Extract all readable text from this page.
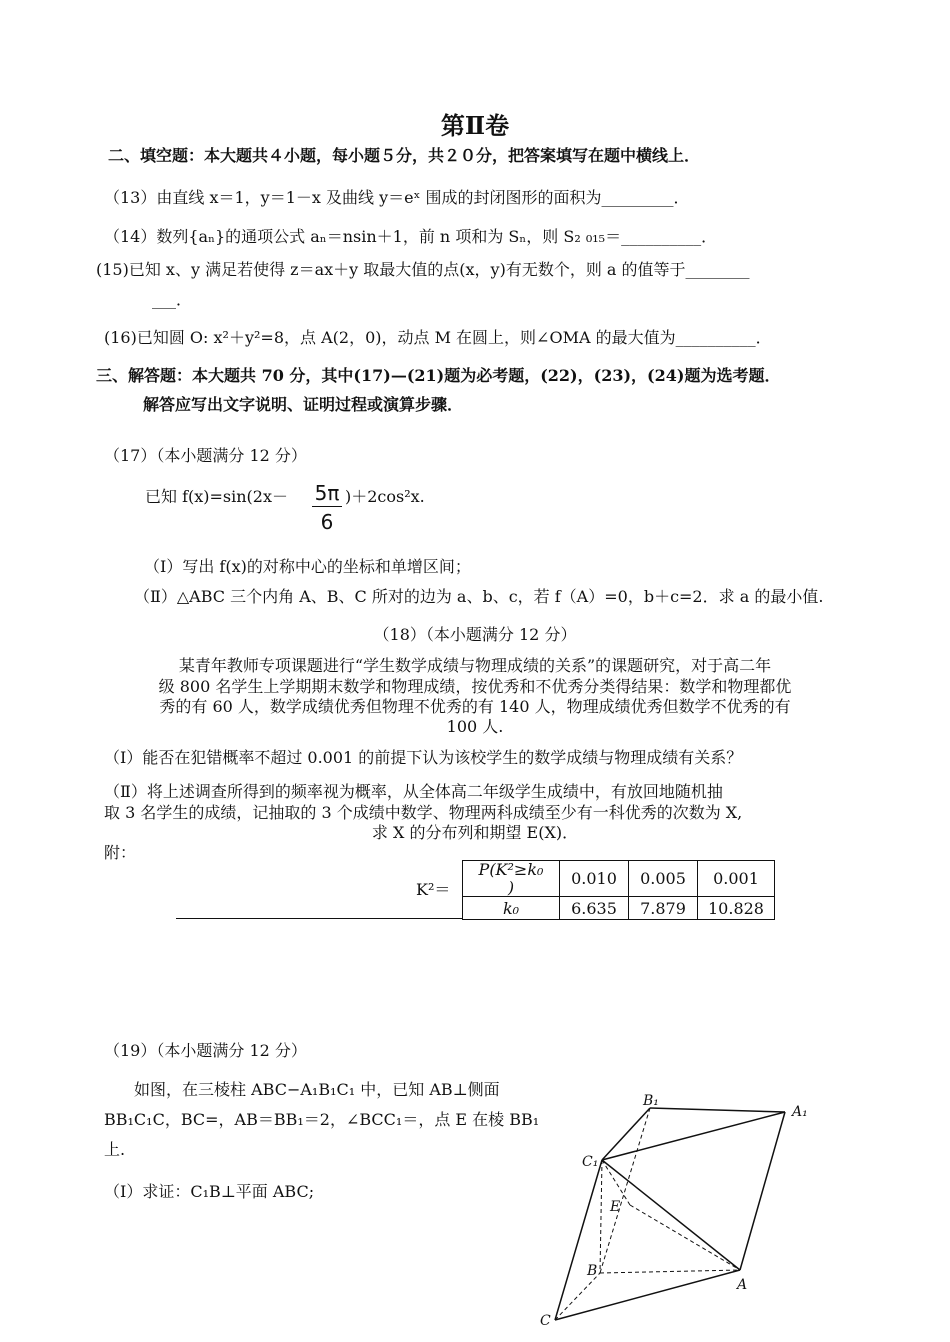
第Ⅱ卷
二、填空题：本大题共４小题，每小题５分，共２０分，把答案填写在题中横线上．
（13）由直线 x＝1，y＝1－x 及曲线 y＝eˣ 围成的封闭图形的面积为_________．
（14）数列{aₙ}的通项公式 aₙ＝nsin＋1，前 n 项和为 Sₙ，则 S₂ ₀₁₅＝__________．
(15)已知 x、y 满足若使得 z＝ax＋y 取最大值的点(x，y)有无数个，则 a 的值等于________
___．
(16)已知圆 O: x²＋y²=8，点 A(2，0)，动点 M 在圆上，则∠OMA 的最大值为__________．
三、解答题：本大题共 70 分，其中(17)—(21)题为必考题，(22)，(23)，(24)题为选考题．
解答应写出文字说明、证明过程或演算步骤．
（17）（本小题满分 12 分）
已知 $f(x)=\sin(2x- \frac{5\pi}{6} )+2\cos^2x$.
（Ⅰ）写出 f(x)的对称中心的坐标和单增区间；
（Ⅱ）△ABC 三个内角 A、B、C 所对的边为 a、b、c，若 f（A）=0，b＋c=2．求 a 的最小值.
（18）（本小题满分 12 分）
某青年教师专项课题进行“学生数学成绩与物理成绩的关系”的课题研究，对于高二年
级 800 名学生上学期期末数学和物理成绩，按优秀和不优秀分类得结果：数学和物理都优
秀的有 60 人，数学成绩优秀但物理不优秀的有 140 人，物理成绩优秀但数学不优秀的有
100 人.
（Ⅰ）能否在犯错概率不超过 0.001 的前提下认为该校学生的数学成绩与物理成绩有关系？
（Ⅱ）将上述调查所得到的频率视为概率，从全体高二年级学生成绩中，有放回地随机抽
取 3 名学生的成绩，记抽取的 3 个成绩中数学、物理两科成绩至少有一科优秀的次数为 X,
求 X 的分布列和期望 E(X)．
附：
K²＝
P(K²≥k₀
)	0.010	0.005	0.001
k₀	6.635	7.879	10.828
（19）（本小题满分 12 分）
如图，在三棱柱 ABC−A₁B₁C₁ 中，已知 AB⊥侧面
BB₁C₁C，BC=，AB＝BB₁＝2，∠BCC₁＝，点 E 在棱 BB₁
上.
（Ⅰ）求证：C₁B⊥平面 ABC;
B₁
A₁
C₁
E
B
A
C
